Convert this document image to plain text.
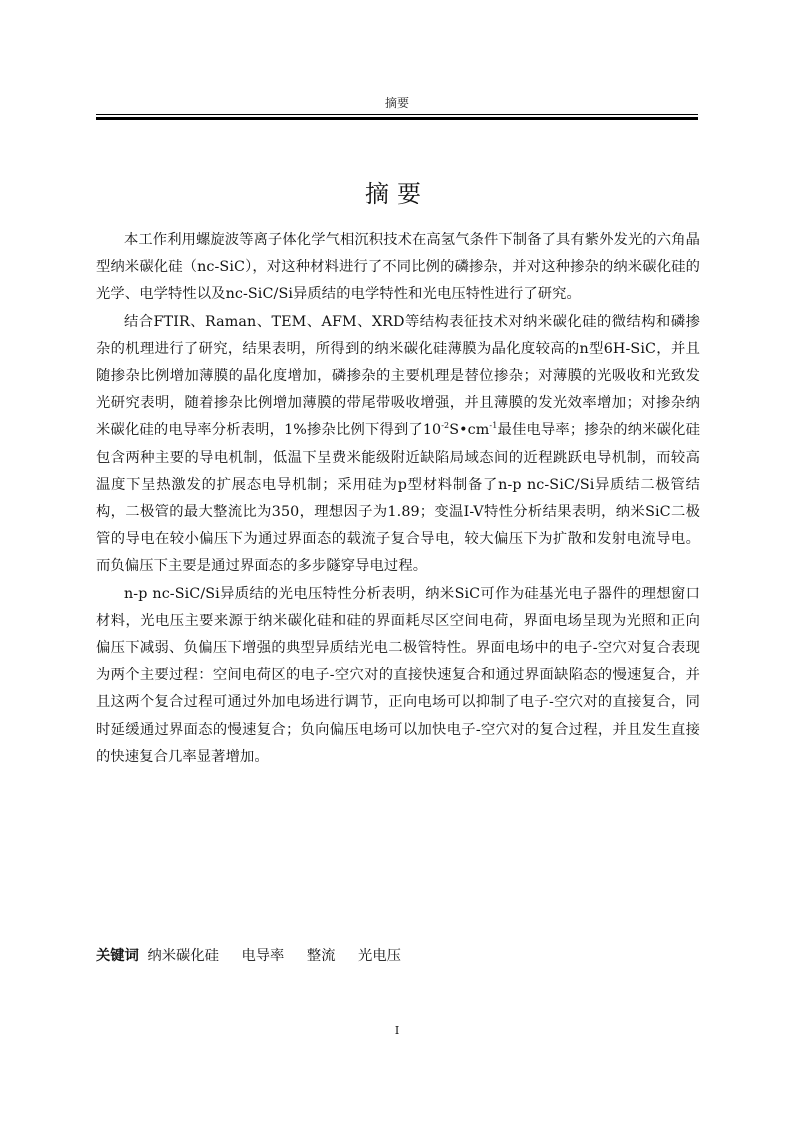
摘要
摘要

本工作利用螺旋波等离子体化学气相沉积技术在高氢气条件下制备了具有紫外发光的六角晶型纳米碳化硅（nc-SiC），对这种材料进行了不同比例的磷掺杂，并对这种掺杂的纳米碳化硅的光学、电学特性以及nc-SiC/Si异质结的电学特性和光电压特性进行了研究。

结合FTIR、Raman、TEM、AFM、XRD等结构表征技术对纳米碳化硅的微结构和磷掺杂的机理进行了研究，结果表明，所得到的纳米碳化硅薄膜为晶化度较高的n型6H-SiC，并且随掺杂比例增加薄膜的晶化度增加，磷掺杂的主要机理是替位掺杂；对薄膜的光吸收和光致发光研究表明，随着掺杂比例增加薄膜的带尾带吸收增强，并且薄膜的发光效率增加；对掺杂纳米碳化硅的电导率分析表明，1%掺杂比例下得到了$10^{-2}S•cm^{-1}$最佳电导率；掺杂的纳米碳化硅包含两种主要的导电机制，低温下呈费米能级附近缺陷局域态间的近程跳跃电导机制，而较高温度下呈热激发的扩展态电导机制；采用硅为p型材料制备了n-p nc-SiC/Si异质结二极管结构，二极管的最大整流比为350，理想因子为1.89；变温I-V特性分析结果表明，纳米SiC二极管的导电在较小偏压下为通过界面态的载流子复合导电，较大偏压下为扩散和发射电流导电。而负偏压下主要是通过界面态的多步隧穿导电过程。

n-p nc-SiC/Si异质结的光电压特性分析表明，纳米SiC可作为硅基光电子器件的理想窗口材料，光电压主要来源于纳米碳化硅和硅的界面耗尽区空间电荷，界面电场呈现为光照和正向偏压下减弱、负偏压下增强的典型异质结光电二极管特性。界面电场中的电子-空穴对复合表现为两个主要过程：空间电荷区的电子-空穴对的直接快速复合和通过界面缺陷态的慢速复合，并且这两个复合过程可通过外加电场进行调节，正向电场可以抑制了电子-空穴对的直接复合，同时延缓通过界面态的慢速复合；负向偏压电场可以加快电子-空穴对的复合过程，并且发生直接的快速复合几率显著增加。

关键词 纳米碳化硅 电导率 整流 光电压
I
